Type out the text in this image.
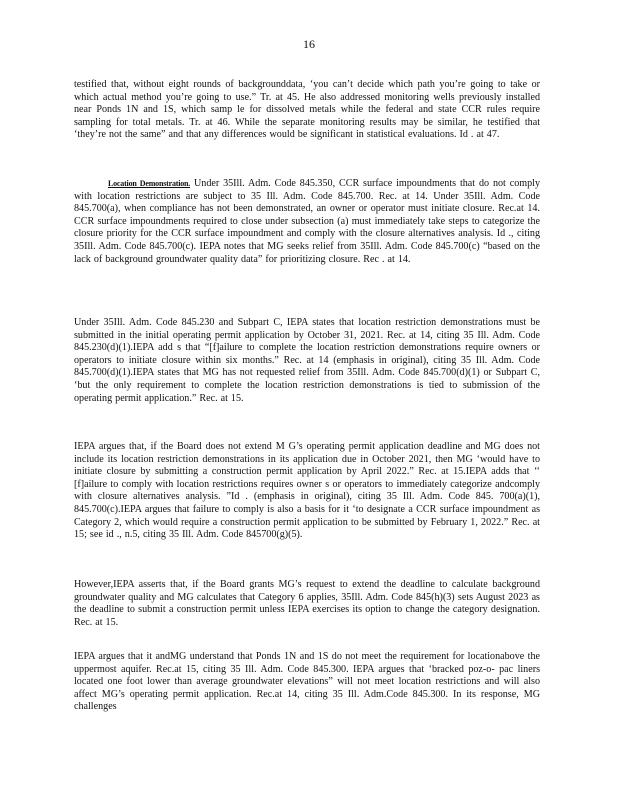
16

testified that, without eight rounds of backgrounddata, ‘you can’t decide which path you’re going to take or which actual method you’re going to use.” Tr. at 45. He also addressed monitoring wells previously installed near Ponds 1N and 1S, which samp le for dissolved metals while the federal and state CCR rules require sampling for total metals. Tr. at 46. While the separate monitoring results may be similar, he testified that ‘they’re not the same” and that any differences would be significant in statistical evaluations. Id . at 47.

Location Demonstration. Under 35Ill. Adm. Code 845.350, CCR surface impoundments that do not comply with location restrictions are subject to 35 Ill. Adm. Code 845.700. Rec. at 14. Under 35Ill. Adm. Code 845.700(a), when compliance has not been demonstrated, an owner or operator must initiate closure. Rec.at 14. CCR surface impoundments required to close under subsection (a) must immediately take steps to categorize the closure priority for the CCR surface impoundment and comply with the closure alternatives analysis. Id ., citing 35Ill. Adm. Code 845.700(c). IEPA notes that MG seeks relief from 35Ill. Adm. Code 845.700(c) “based on the lack of background groundwater quality data” for prioritizing closure. Rec . at 14.

Under 35Ill. Adm. Code 845.230 and Subpart C, IEPA states that location restriction demonstrations must be submitted in the initial operating permit application by October 31, 2021. Rec. at 14, citing 35 Ill. Adm. Code 845.230(d)(1).IEPA add s that “[f]ailure to complete the location restriction demonstrations require owners or operators to initiate closure within six months.” Rec. at 14 (emphasis in original), citing 35 Ill. Adm. Code 845.700(d)(1).IEPA states that MG has not requested relief from 35Ill. Adm. Code 845.700(d)(1) or Subpart C, ‘but the only requirement to complete the location restriction demonstrations is tied to submission of the operating permit application.” Rec. at 15.

IEPA argues that, if the Board does not extend M G’s operating permit application deadline and MG does not include its location restriction demonstrations in its application due in October 2021, then MG ‘would have to initiate closure by submitting a construction permit application by April 2022.” Rec. at 15.IEPA adds that ‘‘ [f]ailure to comply with location restrictions requires owner s or operators to immediately categorize andcomply with closure alternatives analysis. ”Id . (emphasis in original), citing 35 Ill. Adm. Code 845. 700(a)(1), 845.700(c).IEPA argues that failure to comply is also a basis for it ‘to designate a CCR surface impoundment as Category 2, which would require a construction permit application to be submitted by February 1, 2022.” Rec. at 15; see id ., n.5, citing 35 Ill. Adm. Code 845700(g)(5).

However,IEPA asserts that, if the Board grants MG’s request to extend the deadline to calculate background groundwater quality and MG calculates that Category 6 applies, 35Ill. Adm. Code 845(h)(3) sets August 2023 as the deadline to submit a construction permit unless IEPA exercises its option to change the category designation. Rec. at 15.

IEPA argues that it andMG understand that Ponds 1N and 1S do not meet the requirement for locationabove the uppermost aquifer. Rec.at 15, citing 35 Ill. Adm. Code 845.300. IEPA argues that ‘bracked poz-o- pac liners located one foot lower than average groundwater elevations” will not meet location restrictions and will also affect MG’s operating permit application. Rec.at 14, citing 35 Ill. Adm.Code 845.300. In its response, MG challenges
